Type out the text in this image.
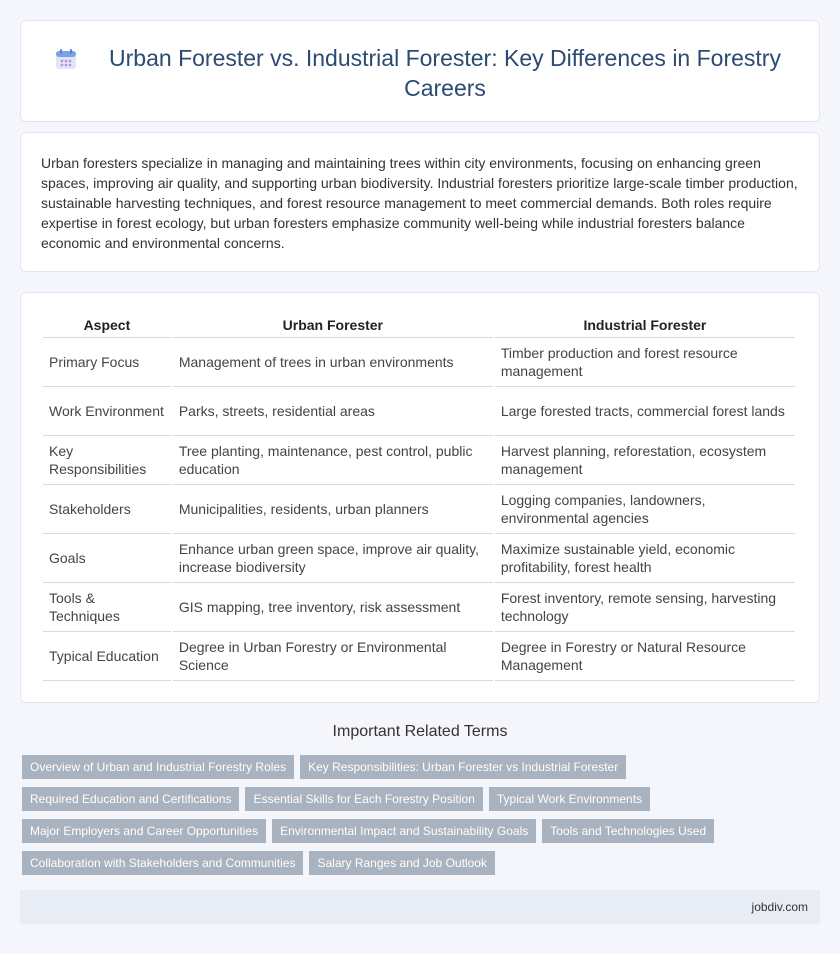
Urban Forester vs. Industrial Forester: Key Differences in Forestry Careers

Urban foresters specialize in managing and maintaining trees within city environments, focusing on enhancing green spaces, improving air quality, and supporting urban biodiversity. Industrial foresters prioritize large-scale timber production, sustainable harvesting techniques, and forest resource management to meet commercial demands. Both roles require expertise in forest ecology, but urban foresters emphasize community well-being while industrial foresters balance economic and environmental concerns.

Aspect	Urban Forester	Industrial Forester
Primary Focus	Management of trees in urban environments	Timber production and forest resource management
Work Environment	Parks, streets, residential areas	Large forested tracts, commercial forest lands
Key Responsibilities	Tree planting, maintenance, pest control, public education	Harvest planning, reforestation, ecosystem management
Stakeholders	Municipalities, residents, urban planners	Logging companies, landowners, environmental agencies
Goals	Enhance urban green space, improve air quality, increase biodiversity	Maximize sustainable yield, economic profitability, forest health
Tools & Techniques	GIS mapping, tree inventory, risk assessment	Forest inventory, remote sensing, harvesting technology
Typical Education	Degree in Urban Forestry or Environmental Science	Degree in Forestry or Natural Resource Management
Important Related Terms
Overview of Urban and Industrial Forestry Roles	Key Responsibilities: Urban Forester vs Industrial Forester
Required Education and Certifications	Essential Skills for Each Forestry Position	Typical Work Environments
Major Employers and Career Opportunities	Environmental Impact and Sustainability Goals	Tools and Technologies Used
Collaboration with Stakeholders and Communities	Salary Ranges and Job Outlook
jobdiv.com
